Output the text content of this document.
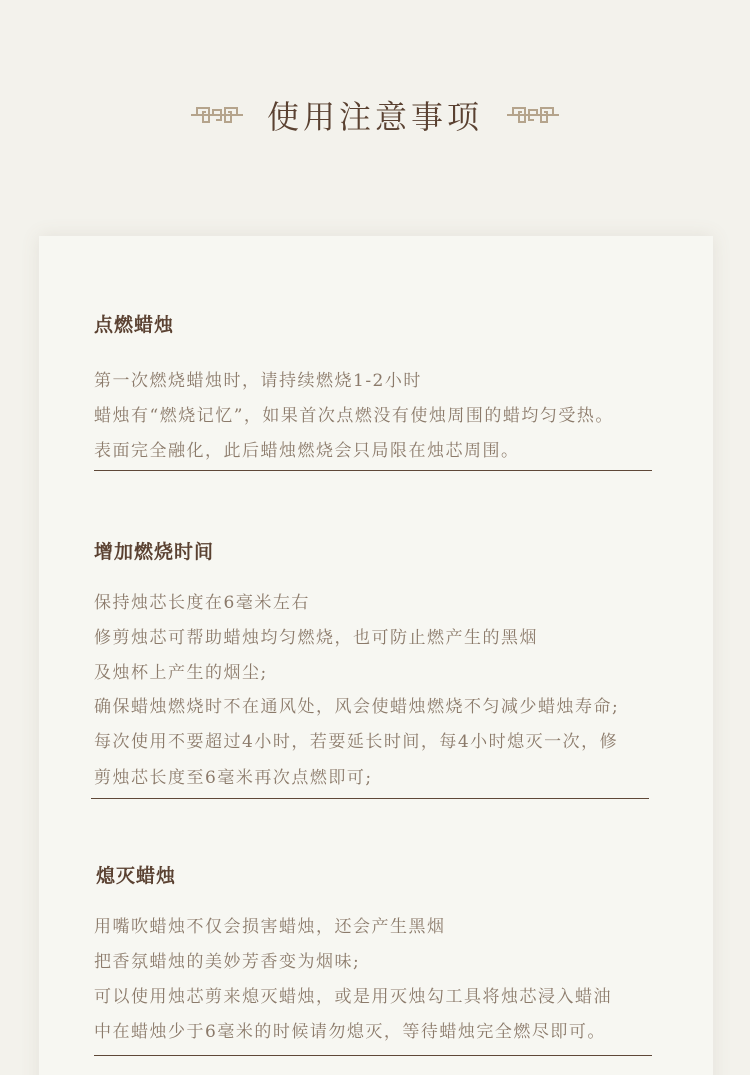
使用注意事项
点燃蜡烛

第一次燃烧蜡烛时，请持续燃烧1-2小时

蜡烛有“燃烧记忆”，如果首次点燃没有使烛周围的蜡均匀受热。

表面完全融化，此后蜡烛燃烧会只局限在烛芯周围。

增加燃烧时间

保持烛芯长度在6毫米左右

修剪烛芯可帮助蜡烛均匀燃烧，也可防止燃产生的黑烟

及烛杯上产生的烟尘;

确保蜡烛燃烧时不在通风处，风会使蜡烛燃烧不匀减少蜡烛寿命;

每次使用不要超过4小时，若要延长时间，每4小时熄灭一次，修

剪烛芯长度至6毫米再次点燃即可;

熄灭蜡烛

用嘴吹蜡烛不仅会损害蜡烛，还会产生黑烟

把香氛蜡烛的美妙芳香变为烟味;

可以使用烛芯剪来熄灭蜡烛，或是用灭烛勾工具将烛芯浸入蜡油

中在蜡烛少于6毫米的时候请勿熄灭，等待蜡烛完全燃尽即可。
